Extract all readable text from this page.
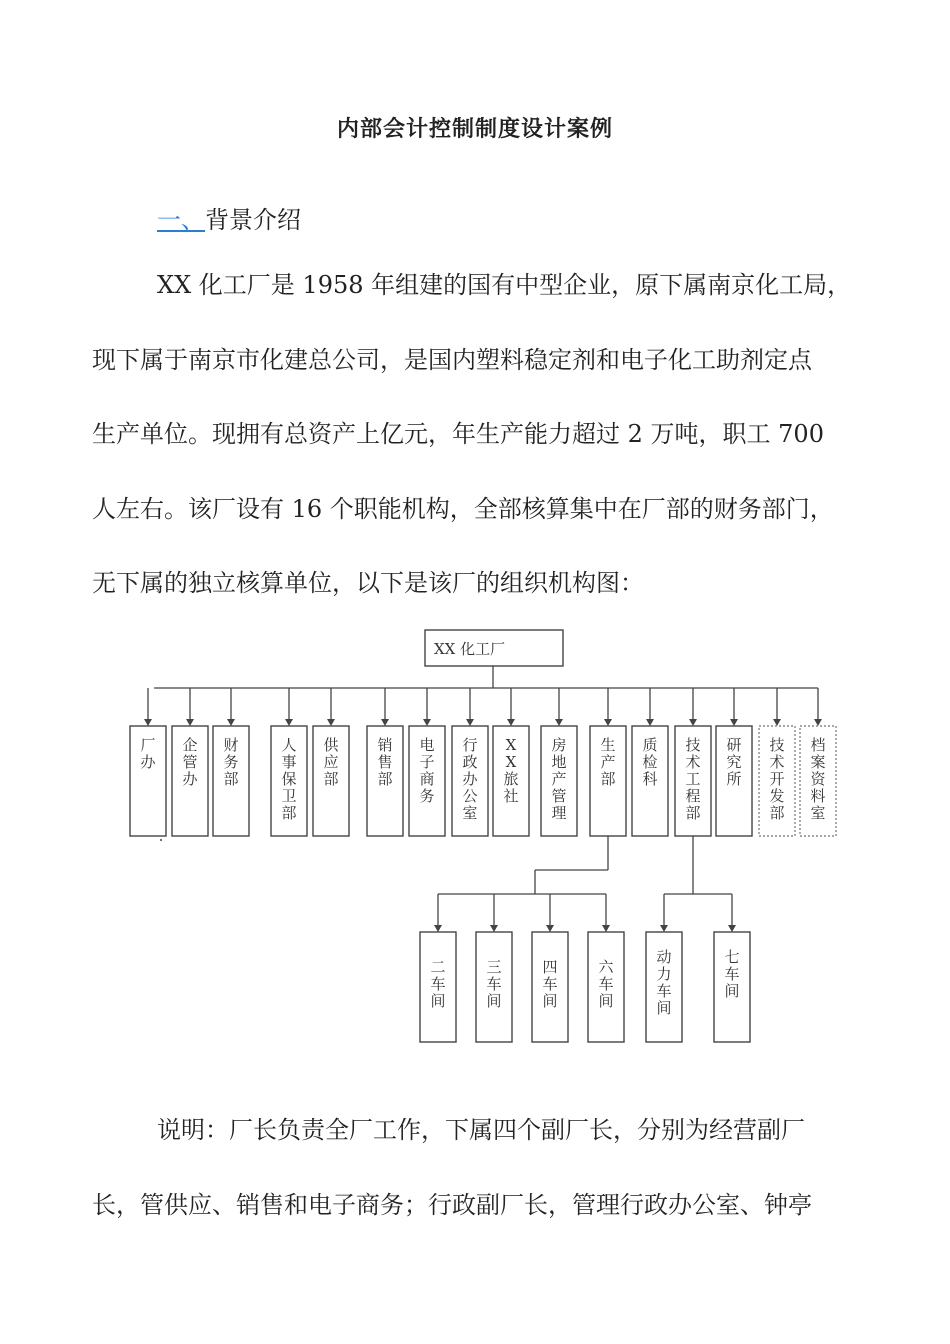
内部会计控制制度设计案例
一、背景介绍
XX 化工厂是 1958 年组建的国有中型企业，原下属南京化工局，
现下属于南京市化建总公司，是国内塑料稳定剂和电子化工助剂定点
生产单位。现拥有总资产上亿元，年生产能力超过 2 万吨，职工 700
人左右。该厂设有 16 个职能机构，全部核算集中在厂部的财务部门，
无下属的独立核算单位，以下是该厂的组织机构图：
XX 化工厂
厂办
企管办
财务部
人事保卫部
供应部
销售部
电子商务
行政办公室
X X 旅社
房地产管理
生产部
质检科
技术工程部
研究所
技术开发部
档案资料室
二车间
三车间
四车间
六车间
动力车间
七车间
说明：厂长负责全厂工作，下属四个副厂长，分别为经营副厂
长，管供应、销售和电子商务；行政副厂长，管理行政办公室、钟亭
